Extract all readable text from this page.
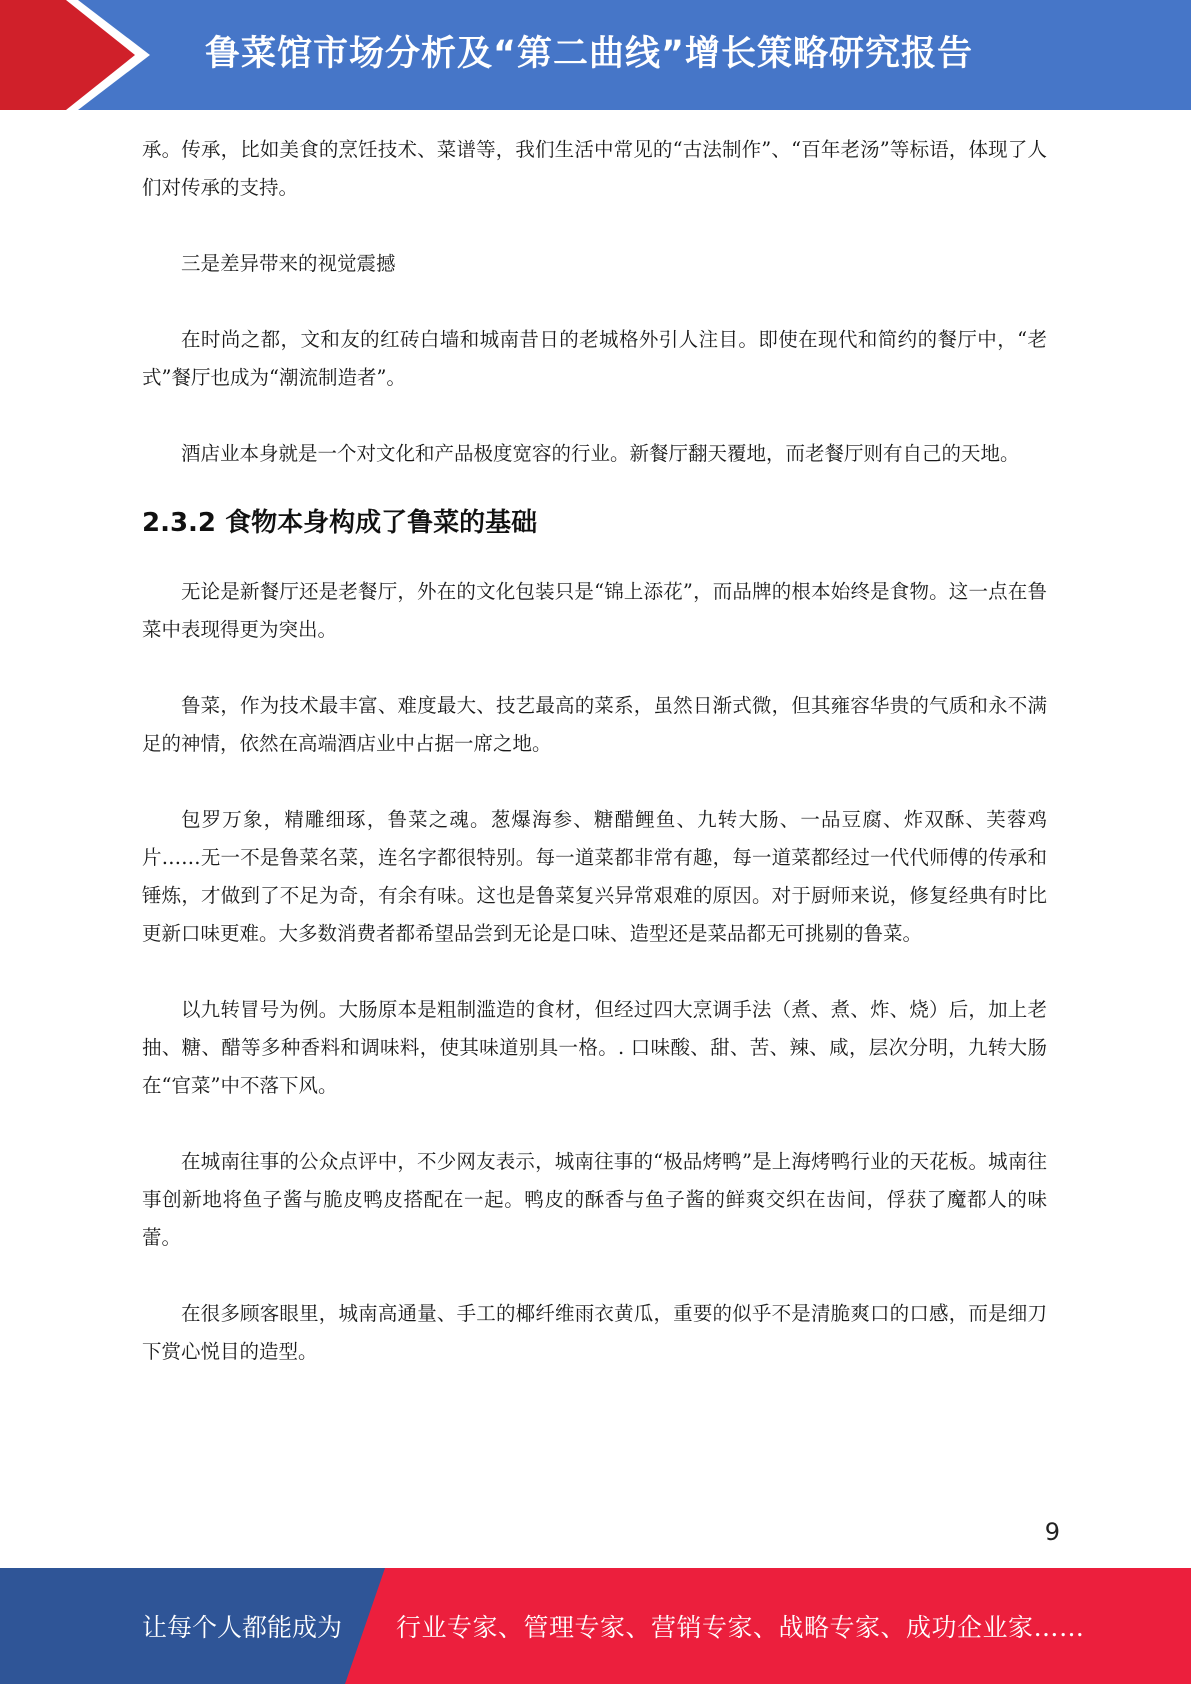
鲁菜馆市场分析及“第二曲线”增长策略研究报告

承。传承，比如美食的烹饪技术、菜谱等，我们生活中常见的“古法制作”、“百年老汤”等标语，体现了人们对传承的支持。

三是差异带来的视觉震撼

在时尚之都，文和友的红砖白墙和城南昔日的老城格外引人注目。即使在现代和简约的餐厅中，“老式”餐厅也成为“潮流制造者”。

酒店业本身就是一个对文化和产品极度宽容的行业。新餐厅翻天覆地，而老餐厅则有自己的天地。

2.3.2 食物本身构成了鲁菜的基础

无论是新餐厅还是老餐厅，外在的文化包装只是“锦上添花”，而品牌的根本始终是食物。这一点在鲁菜中表现得更为突出。

鲁菜，作为技术最丰富、难度最大、技艺最高的菜系，虽然日渐式微，但其雍容华贵的气质和永不满足的神情，依然在高端酒店业中占据一席之地。

包罗万象，精雕细琢，鲁菜之魂。葱爆海参、糖醋鲤鱼、九转大肠、一品豆腐、炸双酥、芙蓉鸡片……无一不是鲁菜名菜，连名字都很特别。每一道菜都非常有趣，每一道菜都经过一代代师傅的传承和锤炼，才做到了不足为奇，有余有味。这也是鲁菜复兴异常艰难的原因。对于厨师来说，修复经典有时比更新口味更难。大多数消费者都希望品尝到无论是口味、造型还是菜品都无可挑剔的鲁菜。

以九转冒号为例。大肠原本是粗制滥造的食材，但经过四大烹调手法（煮、煮、炸、烧）后，加上老抽、糖、醋等多种香料和调味料，使其味道别具一格。. 口味酸、甜、苦、辣、咸，层次分明，九转大肠在“官菜”中不落下风。

在城南往事的公众点评中，不少网友表示，城南往事的“极品烤鸭”是上海烤鸭行业的天花板。城南往事创新地将鱼子酱与脆皮鸭皮搭配在一起。鸭皮的酥香与鱼子酱的鲜爽交织在齿间，俘获了魔都人的味蕾。

在很多顾客眼里，城南高通量、手工的椰纤维雨衣黄瓜，重要的似乎不是清脆爽口的口感，而是细刀下赏心悦目的造型。

9
让每个人都能成为 行业专家、管理专家、营销专家、战略专家、成功企业家……
